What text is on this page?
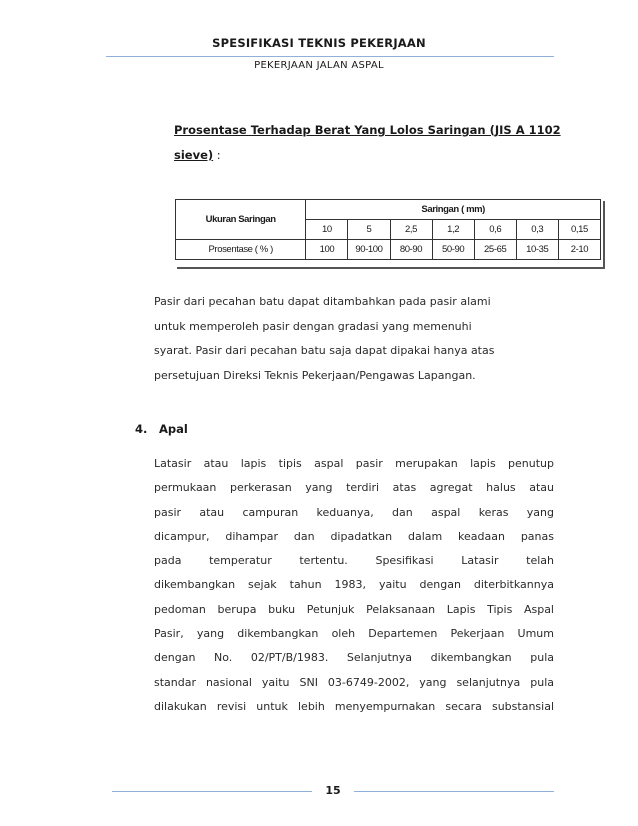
SPESIFIKASI TEKNIS PEKERJAAN
PEKERJAAN JALAN ASPAL
Prosentase Terhadap Berat Yang Lolos Saringan (JIS A 1102
sieve) :
Ukuran Saringan	Saringan ( mm)						
	10	5	2,5	1,2	0,6	0,3	0,15
Prosentase ( % )	100	90-100	80-90	50-90	25-65	10-35	2-10

Pasir dari pecahan batu dapat ditambahkan pada pasir alami

untuk memperoleh pasir dengan gradasi yang memenuhi

syarat. Pasir dari pecahan batu saja dapat dipakai hanya atas

persetujuan Direksi Teknis Pekerjaan/Pengawas Lapangan.

4. Apal
Latasir atau lapis tipis aspal pasir merupakan lapis penutup
permukaan perkerasan yang terdiri atas agregat halus atau
pasir atau campuran keduanya, dan aspal keras yang
dicampur, dihampar dan dipadatkan dalam keadaan panas
pada temperatur tertentu. Spesifikasi Latasir telah
dikembangkan sejak tahun 1983, yaitu dengan diterbitkannya
pedoman berupa buku Petunjuk Pelaksanaan Lapis Tipis Aspal
Pasir, yang dikembangkan oleh Departemen Pekerjaan Umum
dengan No. 02/PT/B/1983. Selanjutnya dikembangkan pula
standar nasional yaitu SNI 03-6749-2002, yang selanjutnya pula
dilakukan revisi untuk lebih menyempurnakan secara substansial
15
